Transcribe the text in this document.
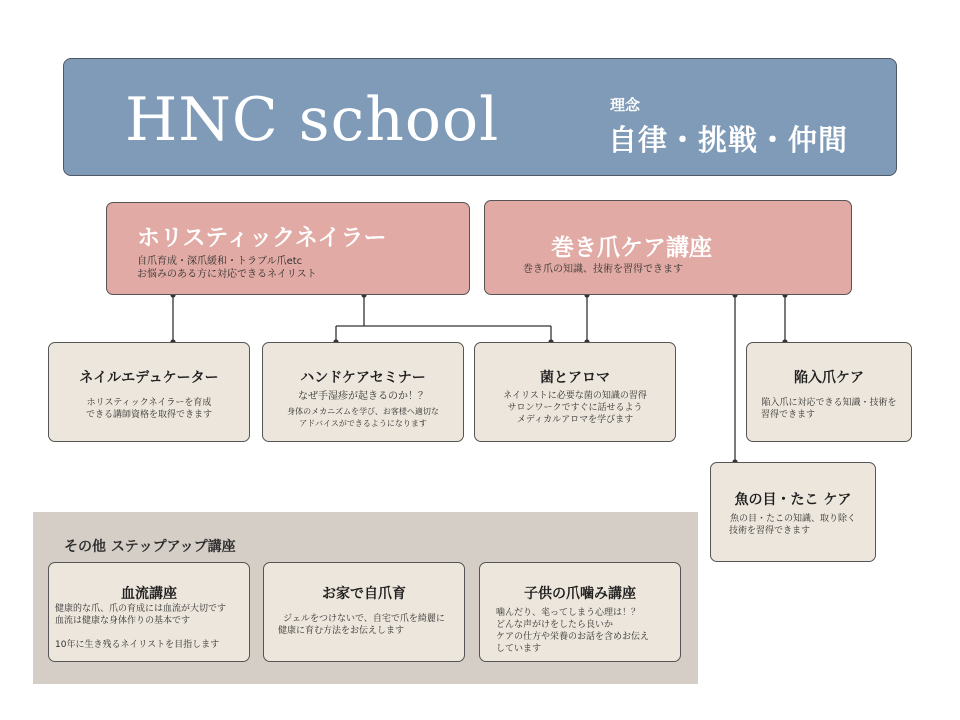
HNC school	理念
自律・挑戦・仲間
ホリスティックネイラー
自爪育成・深爪緩和・トラブル爪etc
お悩みのある方に対応できるネイリスト
巻き爪ケア講座
巻き爪の知識、技術を習得できます
ネイルエデュケーター
ホリスティックネイラーを育成
できる講師資格を取得できます
ハンドケアセミナー
なぜ手湿疹が起きるのか！？
身体のメカニズムを学び、お客様へ適切な
アドバイスができるようになります
菌とアロマ
ネイリストに必要な菌の知識の習得
サロンワークですぐに話せるよう
メディカルアロマを学びます
陥入爪ケア
陥入爪に対応できる知識・技術を
習得できます
魚の目・たこ ケア
魚の目・たこの知識、取り除く
技術を習得できます
その他 ステップアップ講座
血流講座
健康的な爪、爪の育成には血流が大切です
血流は健康な身体作りの基本です
10年に生き残るネイリストを目指します
お家で自爪育
ジェルをつけないで、自宅で爪を綺麗に
健康に育む方法をお伝えします
子供の爪噛み講座
噛んだり、毟ってしまう心理は！？
どんな声がけをしたら良いか
ケアの仕方や栄養のお話を含めお伝え
しています
